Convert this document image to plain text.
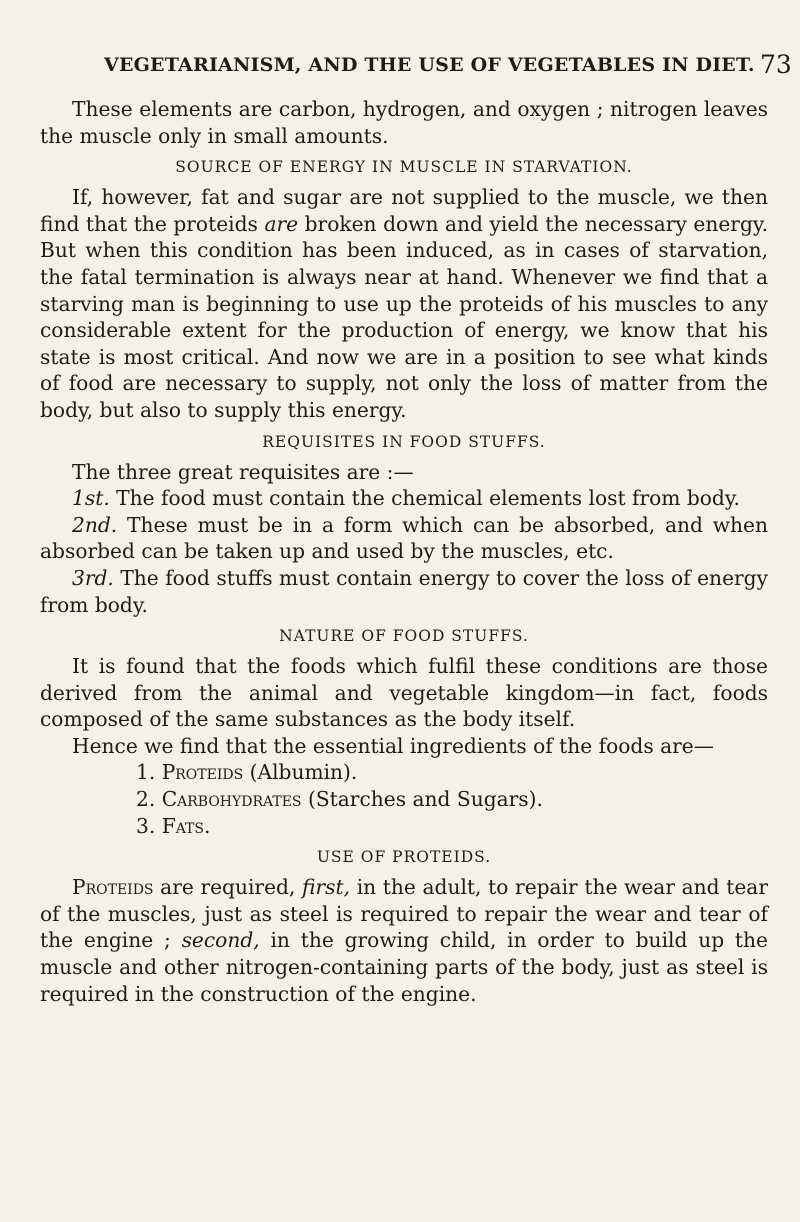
VEGETARIANISM, AND THE USE OF VEGETABLES IN DIET. 73

These elements are carbon, hydrogen, and oxygen ; nitrogen leaves the muscle only in small amounts.

SOURCE OF ENERGY IN MUSCLE IN STARVATION.

If, however, fat and sugar are not supplied to the muscle, we then find that the proteids are broken down and yield the necessary energy. But when this condition has been induced, as in cases of starvation, the fatal termination is always near at hand. Whenever we find that a starving man is beginning to use up the proteids of his muscles to any considerable extent for the production of energy, we know that his state is most critical. And now we are in a position to see what kinds of food are necessary to supply, not only the loss of matter from the body, but also to supply this energy.

REQUISITES IN FOOD STUFFS.

The three great requisites are :—

1st. The food must contain the chemical elements lost from body.

2nd. These must be in a form which can be absorbed, and when absorbed can be taken up and used by the muscles, etc.

3rd. The food stuffs must contain energy to cover the loss of energy from body.

NATURE OF FOOD STUFFS.

It is found that the foods which fulfil these conditions are those derived from the animal and vegetable kingdom—in fact, foods composed of the same substances as the body itself.

Hence we find that the essential ingredients of the foods are—

1. Proteids (Albumin).
2. Carbohydrates (Starches and Sugars).
3. Fats.
USE OF PROTEIDS.

Proteids are required, first, in the adult, to repair the wear and tear of the muscles, just as steel is required to repair the wear and tear of the engine ; second, in the growing child, in order to build up the muscle and other nitrogen-containing parts of the body, just as steel is required in the construction of the engine.
